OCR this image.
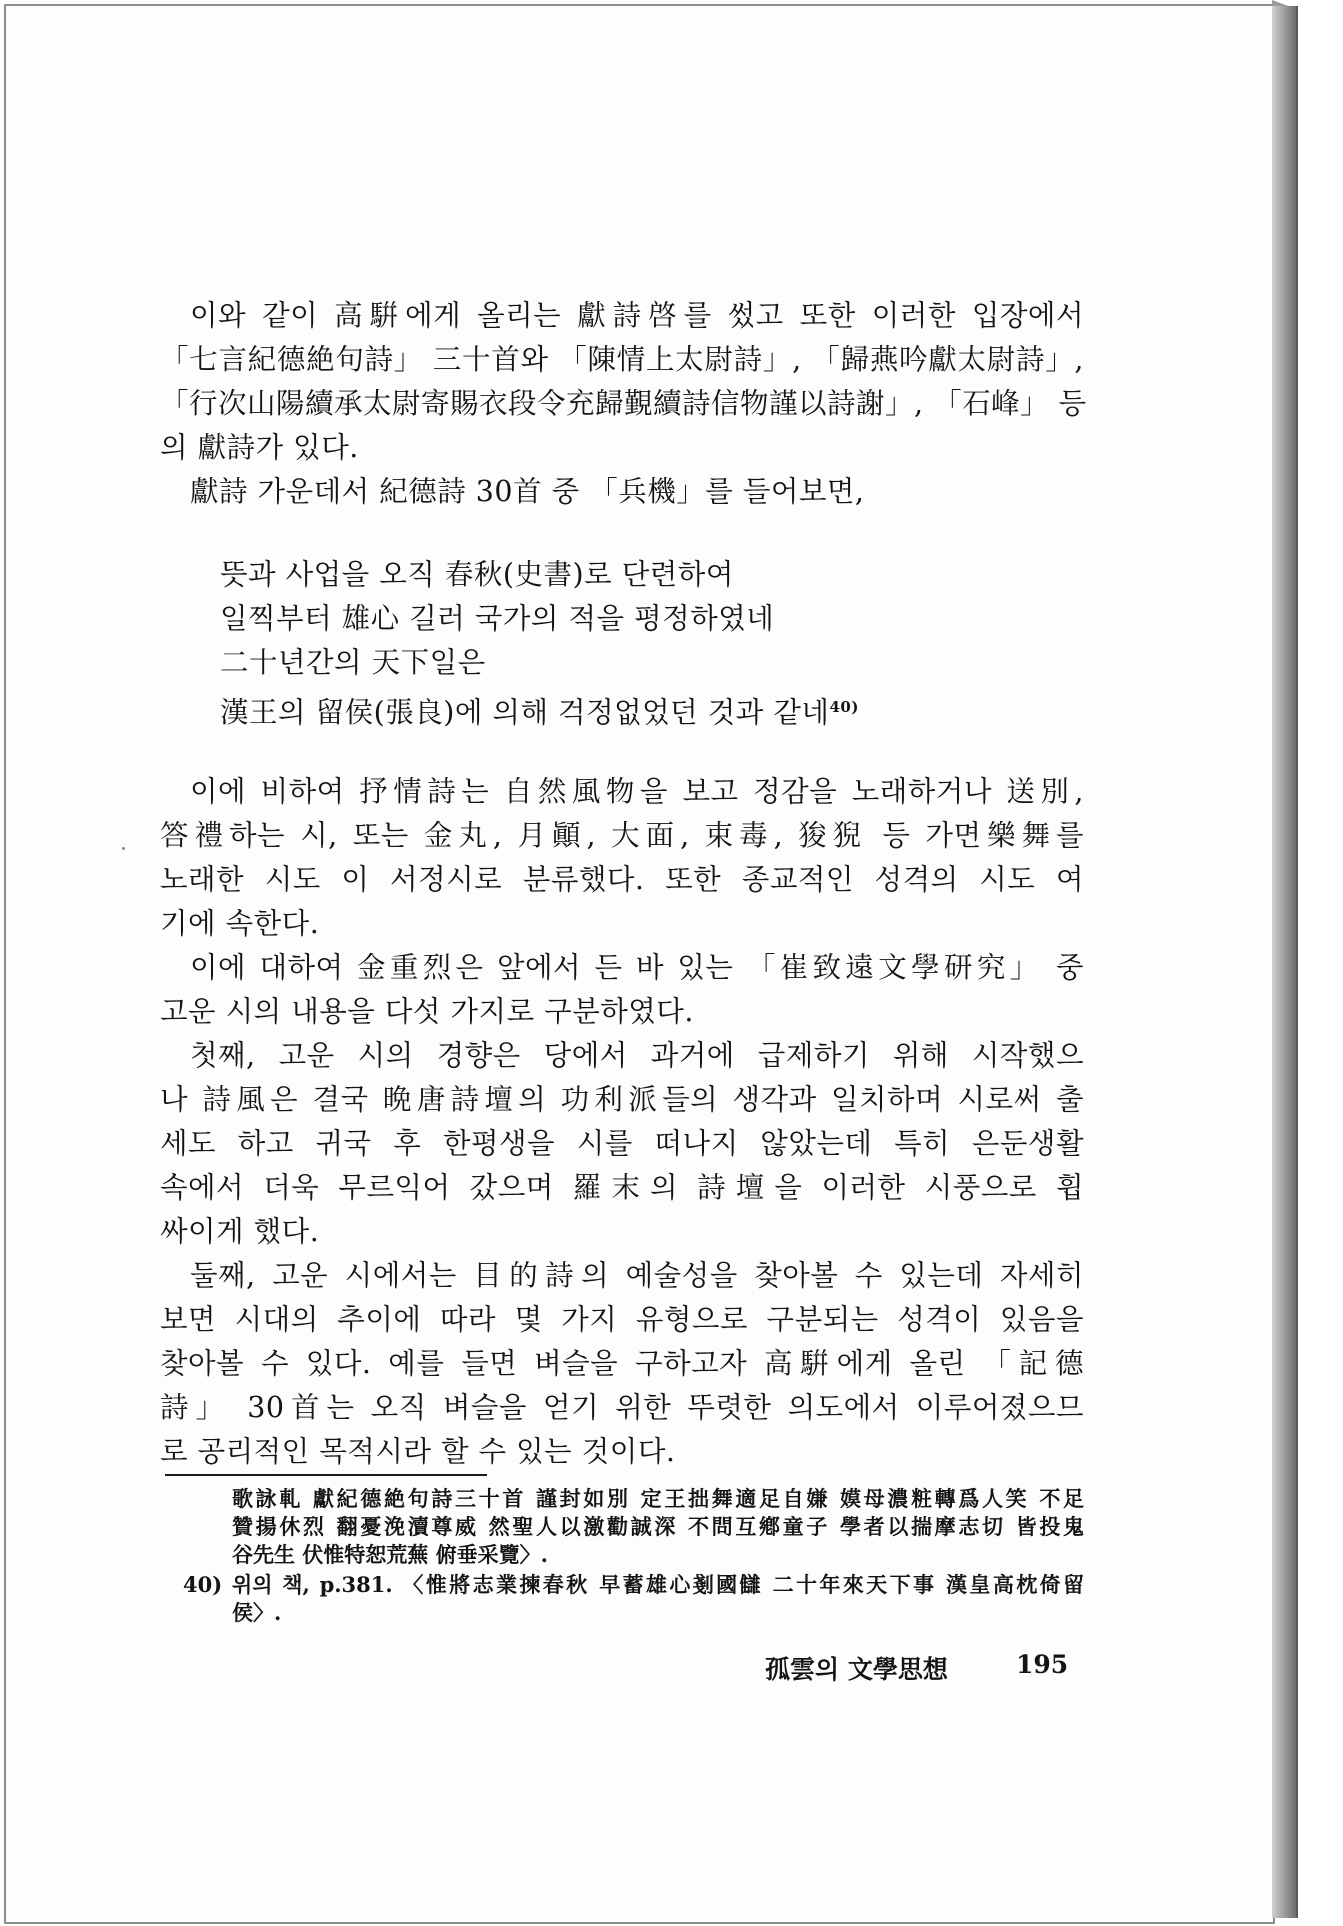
이와 같이 高騈에게 올리는 獻詩啓를 썼고 또한 이러한 입장에서
「七言紀德絶句詩」 三十首와 「陳情上太尉詩」, 「歸燕吟獻太尉詩」,
「行次山陽續承太尉寄賜衣段令充歸覲續詩信物謹以詩謝」, 「石峰」 등
의 獻詩가 있다.
獻詩 가운데서 紀德詩 30首 중 「兵機」를 들어보면,
뜻과 사업을 오직 春秋(史書)로 단련하여
일찍부터 雄心 길러 국가의 적을 평정하였네
二十년간의 天下일은
漢王의 留侯(張良)에 의해 걱정없었던 것과 같네$^{40)}$
이에 비하여 抒情詩는 自然風物을 보고 정감을 노래하거나 送別,
答禮하는 시, 또는 金丸, 月顚, 大面, 束毒, 狻猊 등 가면樂舞를
노래한 시도 이 서정시로 분류했다. 또한 종교적인 성격의 시도 여
기에 속한다.
이에 대하여 金重烈은 앞에서 든 바 있는 「崔致遠文學研究」 중
고운 시의 내용을 다섯 가지로 구분하였다.
첫째, 고운 시의 경향은 당에서 과거에 급제하기 위해 시작했으
나 詩風은 결국 晩唐詩壇의 功利派들의 생각과 일치하며 시로써 출
세도 하고 귀국 후 한평생을 시를 떠나지 않았는데 특히 은둔생활
속에서 더욱 무르익어 갔으며 羅末의 詩壇을 이러한 시풍으로 휩
싸이게 했다.
둘째, 고운 시에서는 目的詩의 예술성을 찾아볼 수 있는데 자세히
보면 시대의 추이에 따라 몇 가지 유형으로 구분되는 성격이 있음을
찾아볼 수 있다. 예를 들면 벼슬을 구하고자 高騈에게 올린 「記德
詩」 30首는 오직 벼슬을 얻기 위한 뚜렷한 의도에서 이루어졌으므
로 공리적인 목적시라 할 수 있는 것이다.
歌詠軋 獻紀德絶句詩三十首 謹封如別 定王拙舞適足自嫌 嫫母濃粧轉爲人笑 不足
贊揚休烈 翻憂浼瀆尊威 然聖人以激勸誠深 不問互鄕童子 學者以揣摩志切 皆投鬼
谷先生 伏惟特恕荒蕪 俯垂采覽〉.
40) 위의 책, p.381. 〈惟將志業揀春秋 早蓄雄心剗國讎 二十年來天下事 漢皇高枕倚留
侯〉.
孤雲의 文學思想	195
